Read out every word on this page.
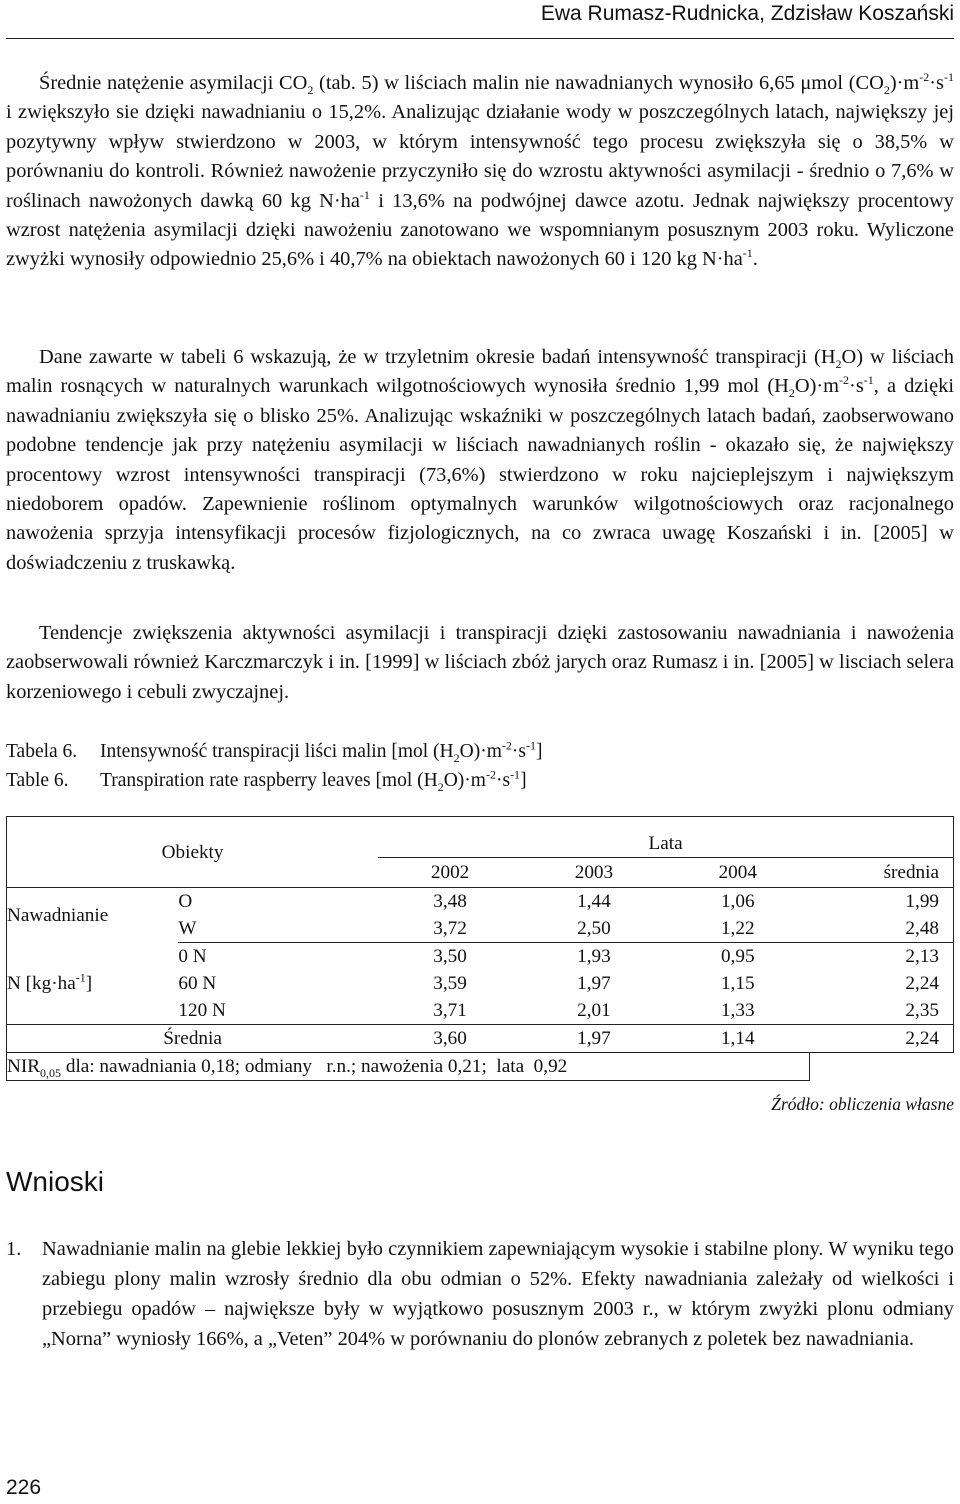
Ewa Rumasz-Rudnicka, Zdzisław Koszański

Średnie natężenie asymilacji $CO_2$ (tab. 5) w liściach malin nie nawadnianych wynosiło 6,65 μmol $(CO_2)\cdot m^{-2}\cdot s^{-1}$ i zwiększyło sie dzięki nawadnianiu o 15,2%. Analizując działanie wody w poszczególnych latach, największy jej pozytywny wpływ stwierdzono w 2003, w którym intensywność tego procesu zwiększyła się o 38,5% w porównaniu do kontroli. Również nawożenie przyczyniło się do wzrostu aktywności asymilacji - średnio o 7,6% w roślinach nawożonych dawką 60 kg $N\cdot ha^{-1}$ i 13,6% na podwójnej dawce azotu. Jednak największy procentowy wzrost natężenia asymilacji dzięki nawożeniu zanotowano we wspomnianym posusznym 2003 roku. Wyliczone zwyżki wynosiły odpowiednio 25,6% i 40,7% na obiektach nawożonych 60 i 120 kg $N\cdot ha^{-1}$.

Dane zawarte w tabeli 6 wskazują, że w trzyletnim okresie badań intensywność transpiracji $(H_2O)$ w liściach malin rosnących w naturalnych warunkach wilgotnościowych wynosiła średnio 1,99 mol $(H_2O)\cdot m^{-2}\cdot s^{-1}$, a dzięki nawadnianiu zwiększyła się o blisko 25%. Analizując wskaźniki w poszczególnych latach badań, zaobserwowano podobne tendencje jak przy natężeniu asymilacji w liściach nawadnianych roślin - okazało się, że największy procentowy wzrost intensywności transpiracji (73,6%) stwierdzono w roku najcieplejszym i największym niedoborem opadów. Zapewnienie roślinom optymalnych warunków wilgotnościowych oraz racjonalnego nawożenia sprzyja intensyfikacji procesów fizjologicznych, na co zwraca uwagę Koszański i in. [2005] w doświadczeniu z truskawką.

Tendencje zwiększenia aktywności asymilacji i transpiracji dzięki zastosowaniu nawadniania i nawożenia zaobserwowali również Karczmarczyk i in. [1999] w liściach zbóż jarych oraz Rumasz i in. [2005] w lisciach selera korzeniowego i cebuli zwyczajnej.

Tabela 6. Intensywność transpiracji liści malin [mol $(H_2O)\cdot m^{-2}\cdot s^{-1}$]
Table 6. Transpiration rate raspberry leaves [mol $(H_2O)\cdot m^{-2}\cdot s^{-1}$]
Obiekty		Lata			
		2002	2003	2004	średnia
Nawadnianie	O	3,48	1,44	1,06	1,99
	W	3,72	2,50	1,22	2,48
N $[kg\cdot ha^{-1}]$	0 N	3,50	1,93	0,95	2,13
	60 N	3,59	1,97	1,15	2,24
	120 N	3,71	2,01	1,33	2,35
Średnia		3,60	1,97	1,14	2,24
$NIR_{0,05}$ dla: nawadniania 0,18; odmiany   r.n.; nawożenia 0,21;  lata  0,92					
Źródło: obliczenia własne
Wnioski
1.	Nawadnianie malin na glebie lekkiej było czynnikiem zapewniającym wysokie i stabilne plony. W wyniku tego zabiegu plony malin wzrosły średnio dla obu odmian o 52%. Efekty nawadniania zależały od wielkości i przebiegu opadów – największe były w wyjątkowo posusznym 2003 r., w którym zwyżki plonu odmiany „Norna” wyniosły 166%, a „Veten” 204% w porównaniu do plonów zebranych z poletek bez nawadniania.
226
